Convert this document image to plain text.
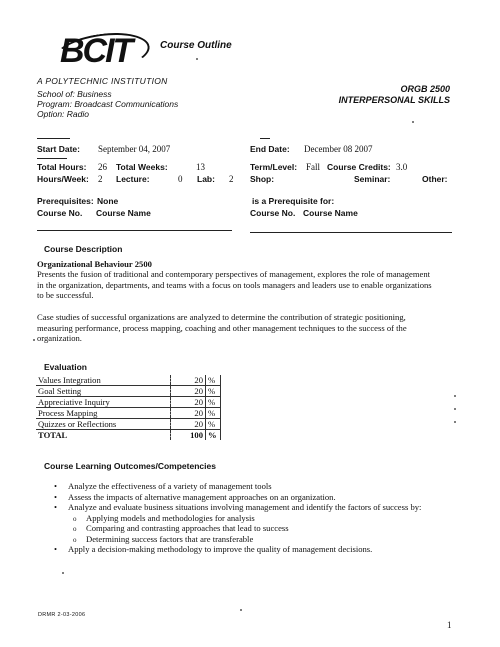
BCIT	Course Outline
A POLYTECHNIC INSTITUTION
School of: Business
Program: Broadcast Communications
Option: Radio
ORGB 2500
INTERPERSONAL SKILLS
Start Date: September 04, 2007	End Date: December 08 2007
Total Hours: 26 Total Weeks:	13	Term/Level: Fall Course Credits: 3.0
Hours/Week: 2 Lecture:	0 Lab: 2 Shop:	Seminar:	Other:
Prerequisites: None	is a Prerequisite for:
Course No. Course Name	Course No. Course Name
Course Description
Organizational Behaviour 2500
Presents the fusion of traditional and contemporary perspectives of management, explores the role of management
in the organization, departments, and teams with a focus on tools managers and leaders use to enable organizations
to be successful.
Case studies of successful organizations are analyzed to determine the contribution of strategic positioning,
measuring performance, process mapping, coaching and other management techniques to the success of the
organization.
Evaluation
Values Integration	20	%
Goal Setting	20	%
Appreciative Inquiry	20	%
Process Mapping	20	%
Quizzes or Reflections	20	%
TOTAL	100	%
Course Learning Outcomes/Competencies
• Analyze the effectiveness of a variety of management tools
• Assess the impacts of alternative management approaches on an organization.
• Analyze and evaluate business situations involving management and identify the factors of success by:
o Applying models and methodologies for analysis
o Comparing and contrasting approaches that lead to success
o Determining success factors that are transferable
• Apply a decision-making methodology to improve the quality of management decisions.
DRMR 2-03-2006
1
